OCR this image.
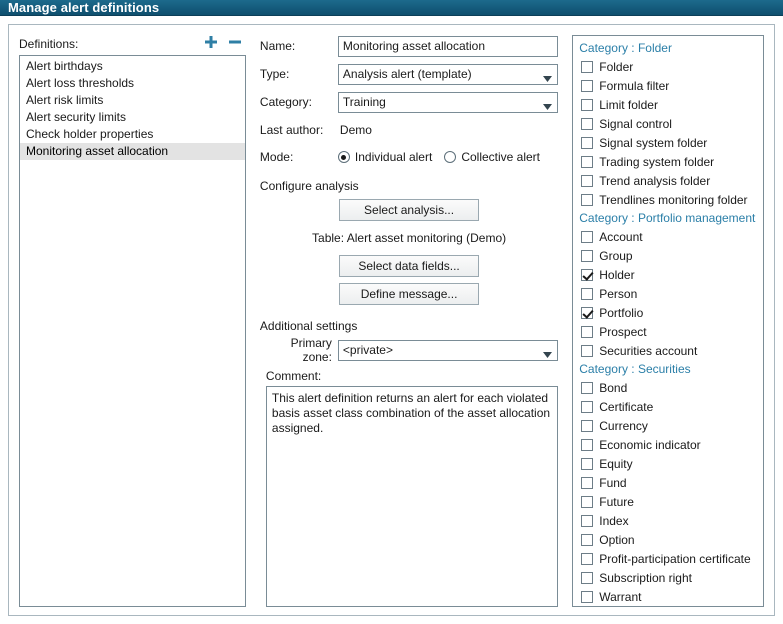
Manage alert definitions
Definitions:
Alert birthdays
Alert loss thresholds
Alert risk limits
Alert security limits
Check holder properties
Monitoring asset allocation
Name:
Monitoring asset allocation
Type:	Analysis alert (template)
Category:	Training
Last author:	Demo
Mode:	Individual alert Collective alert
Configure analysis
Select analysis...
Table: Alert asset monitoring (Demo)
Select data fields...
Define message...
Additional settings
Primary zone: <private>
Comment:
This alert definition returns an alert for each violated basis asset class combination of the asset allocation assigned.
Category : Folder
Folder
Formula filter
Limit folder
Signal control
Signal system folder
Trading system folder
Trend analysis folder
Trendlines monitoring folder
Category : Portfolio management
Account
Group
Holder
Person
Portfolio
Prospect
Securities account
Category : Securities
Bond
Certificate
Currency
Economic indicator
Equity
Fund
Future
Index
Option
Profit-participation certificate
Subscription right
Warrant
